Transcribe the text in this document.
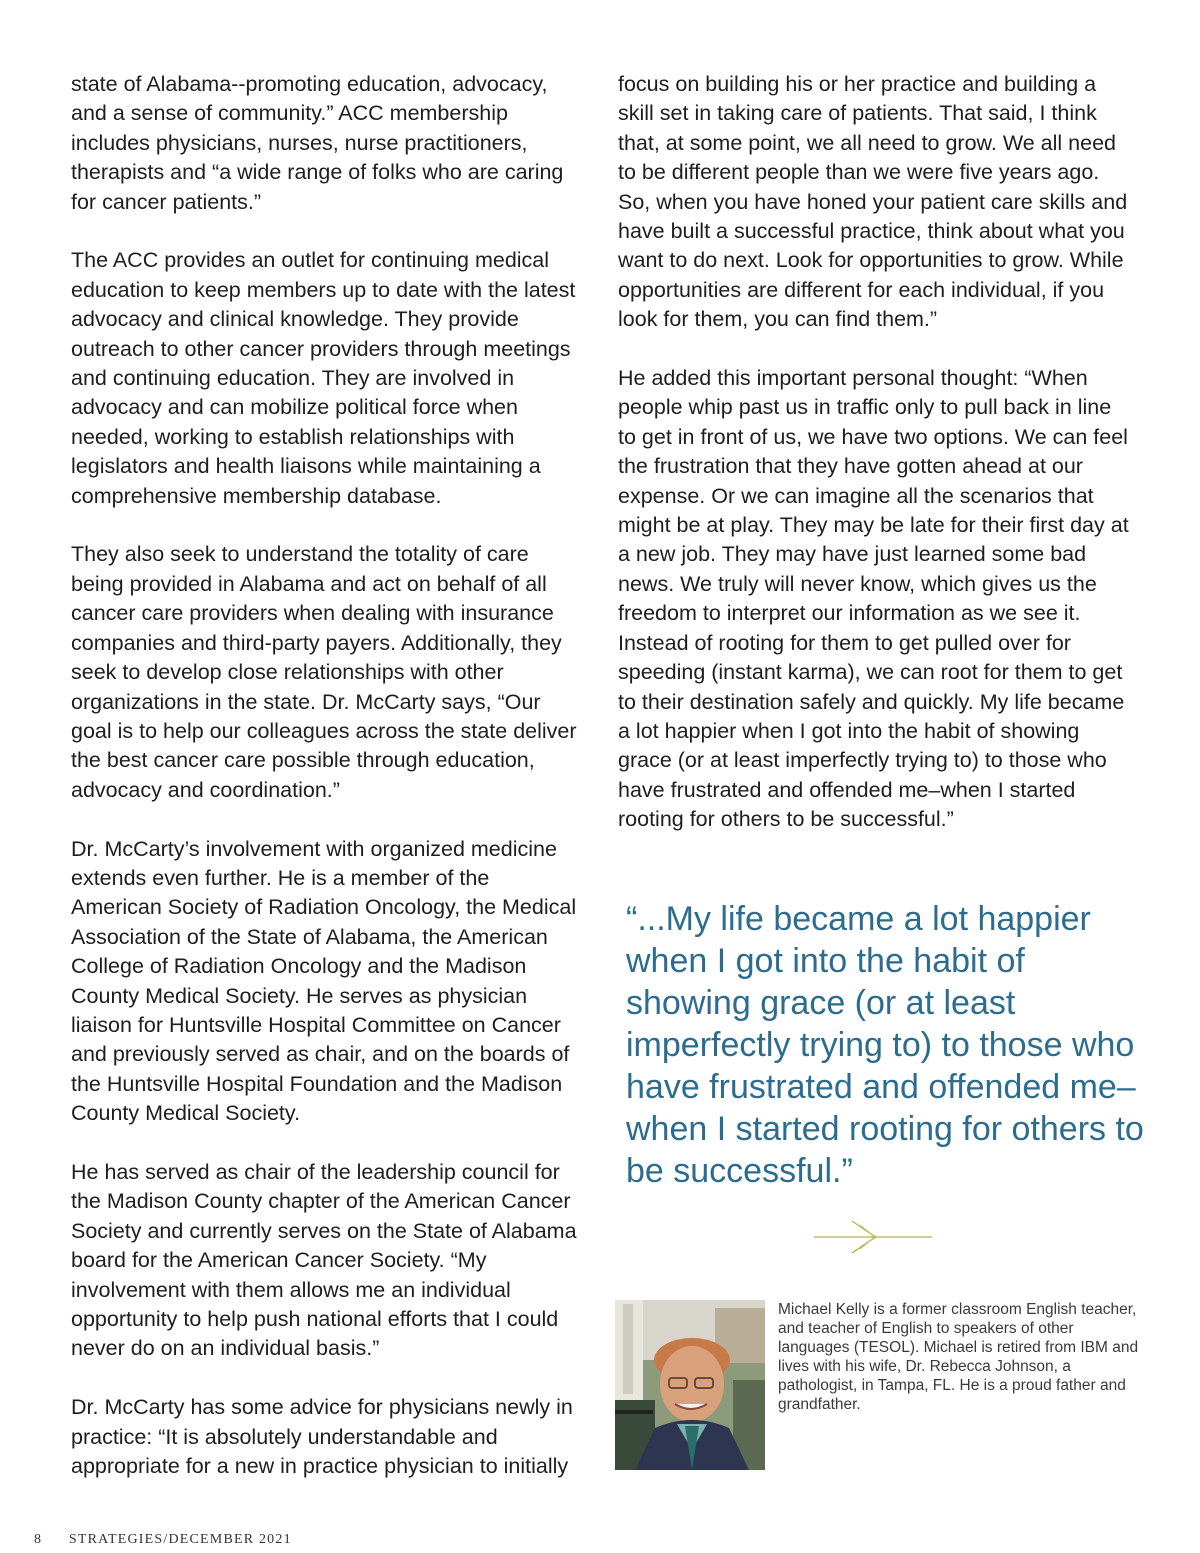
state of Alabama--promoting education, advocacy, and a sense of community.” ACC membership includes physicians, nurses, nurse practitioners, therapists and “a wide range of folks who are caring for cancer patients.”

The ACC provides an outlet for continuing medical education to keep members up to date with the latest advocacy and clinical knowledge. They provide outreach to other cancer providers through meetings and continuing education. They are involved in advocacy and can mobilize political force when needed, working to establish relationships with legislators and health liaisons while maintaining a comprehensive membership database.

They also seek to understand the totality of care being provided in Alabama and act on behalf of all cancer care providers when dealing with insurance companies and third-party payers. Additionally, they seek to develop close relationships with other organizations in the state. Dr. McCarty says, “Our goal is to help our colleagues across the state deliver the best cancer care possible through education, advocacy and coordination.”

Dr. McCarty’s involvement with organized medicine extends even further. He is a member of the American Society of Radiation Oncology, the Medical Association of the State of Alabama, the American College of Radiation Oncology and the Madison County Medical Society. He serves as physician liaison for Huntsville Hospital Committee on Cancer and previously served as chair, and on the boards of the Huntsville Hospital Foundation and the Madison County Medical Society.

He has served as chair of the leadership council for the Madison County chapter of the American Cancer Society and currently serves on the State of Alabama board for the American Cancer Society. “My involvement with them allows me an individual opportunity to help push national efforts that I could never do on an individual basis.”

Dr. McCarty has some advice for physicians newly in practice: “It is absolutely understandable and appropriate for a new in practice physician to initially

focus on building his or her practice and building a skill set in taking care of patients. That said, I think that, at some point, we all need to grow. We all need to be different people than we were five years ago. So, when you have honed your patient care skills and have built a successful practice, think about what you want to do next. Look for opportunities to grow. While opportunities are different for each individual, if you look for them, you can find them.”

He added this important personal thought: “When people whip past us in traffic only to pull back in line to get in front of us, we have two options. We can feel the frustration that they have gotten ahead at our expense. Or we can imagine all the scenarios that might be at play. They may be late for their first day at a new job. They may have just learned some bad news. We truly will never know, which gives us the freedom to interpret our information as we see it. Instead of rooting for them to get pulled over for speeding (instant karma), we can root for them to get to their destination safely and quickly. My life became a lot happier when I got into the habit of showing grace (or at least imperfectly trying to) to those who have frustrated and offended me–when I started rooting for others to be successful.”

“...My life became a lot happier when I got into the habit of showing grace (or at least imperfectly trying to) to those who have frustrated and offended me–when I started rooting for others to be successful.”

Michael Kelly is a former classroom English teacher, and teacher of English to speakers of other languages (TESOL). Michael is retired from IBM and lives with his wife, Dr. Rebecca Johnson, a pathologist, in Tampa, FL. He is a proud father and grandfather.

8 STRATEGIES/DECEMBER 2021
